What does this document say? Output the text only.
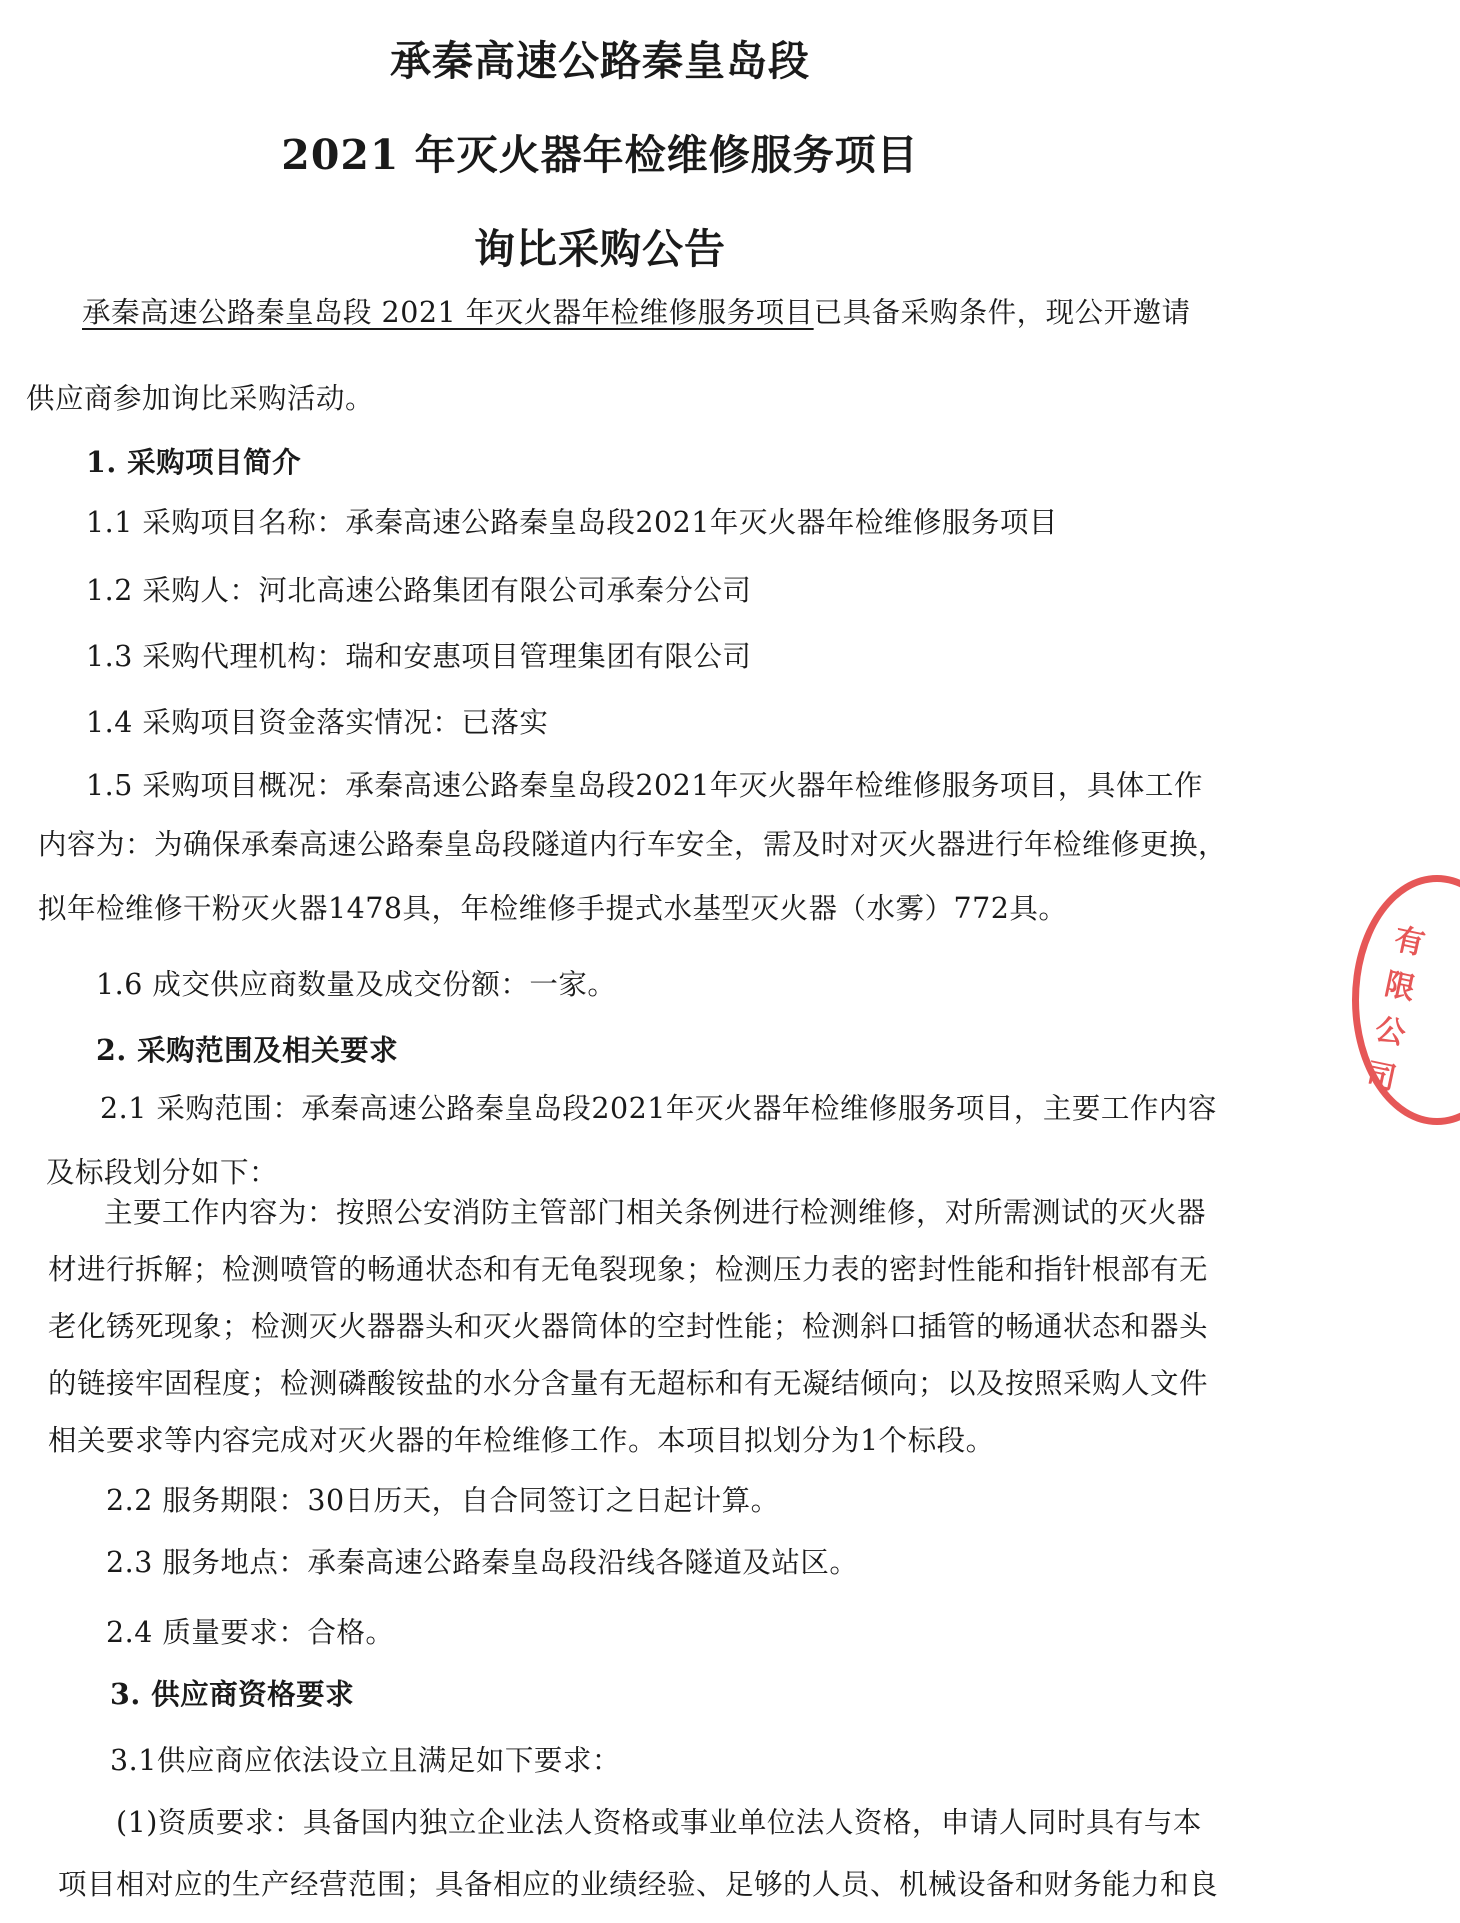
承秦高速公路秦皇岛段
2021 年灭火器年检维修服务项目
询比采购公告
承秦高速公路秦皇岛段 2021 年灭火器年检维修服务项目已具备采购条件，现公开邀请
供应商参加询比采购活动。
1. 采购项目简介
1.1 采购项目名称：承秦高速公路秦皇岛段2021年灭火器年检维修服务项目
1.2 采购人：河北高速公路集团有限公司承秦分公司
1.3 采购代理机构：瑞和安惠项目管理集团有限公司
1.4 采购项目资金落实情况：已落实
1.5 采购项目概况：承秦高速公路秦皇岛段2021年灭火器年检维修服务项目，具体工作
内容为：为确保承秦高速公路秦皇岛段隧道内行车安全，需及时对灭火器进行年检维修更换，
拟年检维修干粉灭火器1478具，年检维修手提式水基型灭火器（水雾）772具。
1.6 成交供应商数量及成交份额：一家。
2. 采购范围及相关要求
2.1 采购范围：承秦高速公路秦皇岛段2021年灭火器年检维修服务项目，主要工作内容
及标段划分如下：
主要工作内容为：按照公安消防主管部门相关条例进行检测维修，对所需测试的灭火器
材进行拆解；检测喷管的畅通状态和有无龟裂现象；检测压力表的密封性能和指针根部有无
老化锈死现象；检测灭火器器头和灭火器筒体的空封性能；检测斜口插管的畅通状态和器头
的链接牢固程度；检测磷酸铵盐的水分含量有无超标和有无凝结倾向；以及按照采购人文件
相关要求等内容完成对灭火器的年检维修工作。本项目拟划分为1个标段。
2.2 服务期限：30日历天，自合同签订之日起计算。
2.3 服务地点：承秦高速公路秦皇岛段沿线各隧道及站区。
2.4 质量要求：合格。
3. 供应商资格要求
3.1供应商应依法设立且满足如下要求：
(1)资质要求：具备国内独立企业法人资格或事业单位法人资格，申请人同时具有与本
项目相对应的生产经营范围；具备相应的业绩经验、足够的人员、机械设备和财务能力和良
有限公司
